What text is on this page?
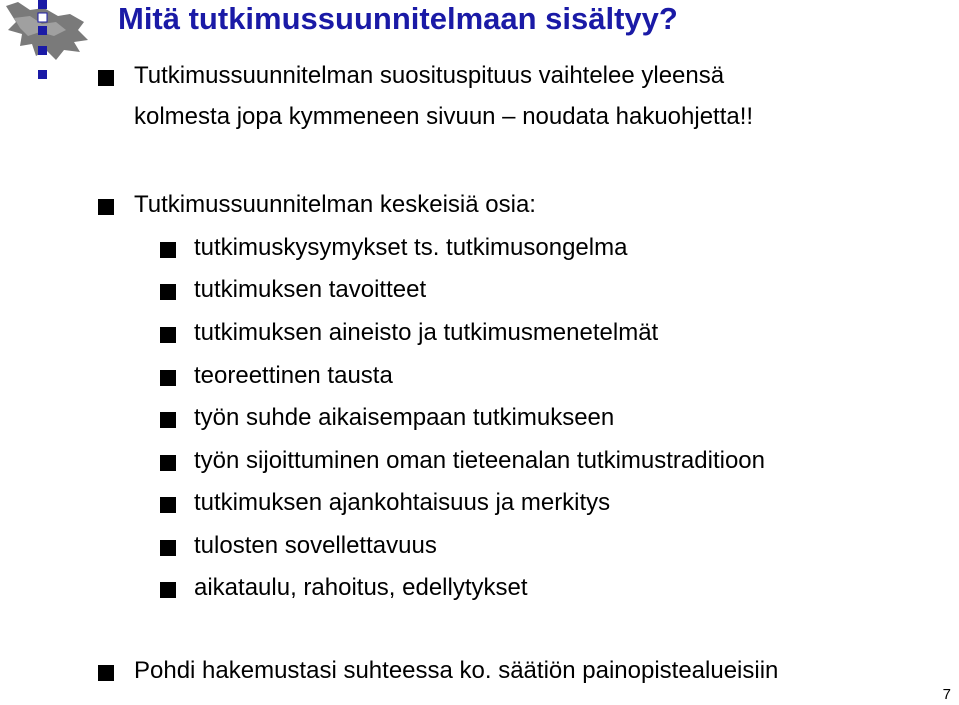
Mitä tutkimussuunnitelmaan sisältyy?
Tutkimussuunnitelman suosituspituus vaihtelee yleensä
kolmesta jopa kymmeneen sivuun – noudata hakuohjetta!!
Tutkimussuunnitelman keskeisiä osia:
tutkimuskysymykset ts. tutkimusongelma
tutkimuksen tavoitteet
tutkimuksen aineisto ja tutkimusmenetelmät
teoreettinen tausta
työn suhde aikaisempaan tutkimukseen
työn sijoittuminen oman tieteenalan tutkimustraditioon
tutkimuksen ajankohtaisuus ja merkitys
tulosten sovellettavuus
aikataulu, rahoitus, edellytykset
Pohdi hakemustasi suhteessa ko. säätiön painopistealueisiin
7
